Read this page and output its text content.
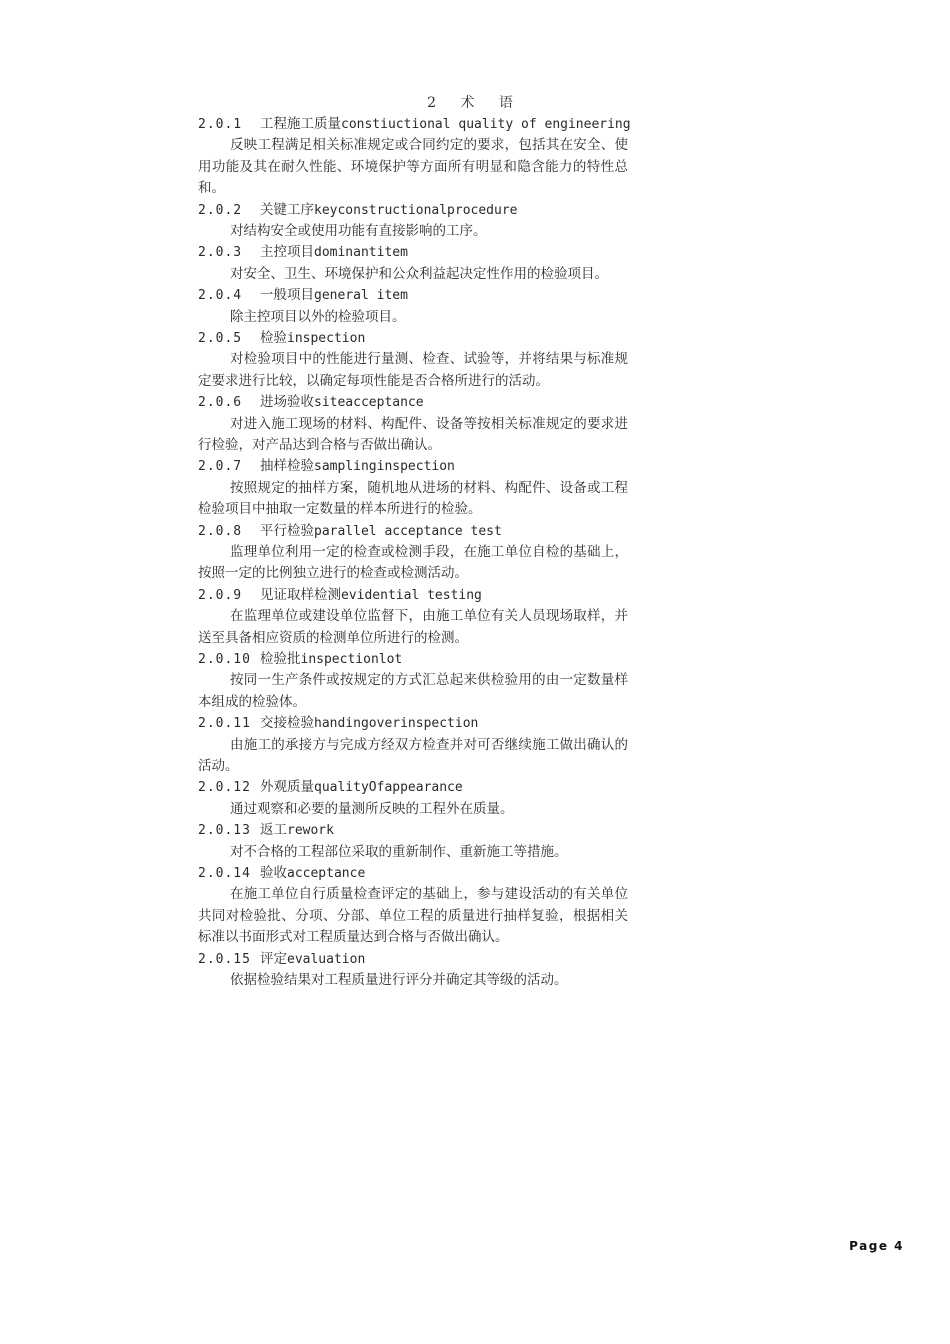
2 术 语
2.0.1	工程施工质量constiuctional quality of engineering

反映工程满足相关标准规定或合同约定的要求，包括其在安全、使用功能及其在耐久性能、环境保护等方面所有明显和隐含能力的特性总和。

2.0.2	关键工序keyconstructionalprocedure

对结构安全或使用功能有直接影响的工序。

2.0.3	主控项目dominantitem

对安全、卫生、环境保护和公众利益起决定性作用的检验项目。

2.0.4	一般项目general item

除主控项目以外的检验项目。

2.0.5	检验inspection

对检验项目中的性能进行量测、检查、试验等，并将结果与标准规定要求进行比较，以确定每项性能是否合格所进行的活动。

2.0.6	进场验收siteacceptance

对进入施工现场的材料、构配件、设备等按相关标准规定的要求进行检验，对产品达到合格与否做出确认。

2.0.7	抽样检验samplinginspection

按照规定的抽样方案，随机地从进场的材料、构配件、设备或工程检验项目中抽取一定数量的样本所进行的检验。

2.0.8	平行检验parallel acceptance test

监理单位利用一定的检查或检测手段，在施工单位自检的基础上，按照一定的比例独立进行的检查或检测活动。

2.0.9	见证取样检测evidential testing

在监理单位或建设单位监督下，由施工单位有关人员现场取样，并送至具备相应资质的检测单位所进行的检测。

2.0.10 检验批inspectionlot

按同一生产条件或按规定的方式汇总起来供检验用的由一定数量样本组成的检验体。

2.0.11 交接检验handingoverinspection

由施工的承接方与完成方经双方检查并对可否继续施工做出确认的活动。

2.0.12 外观质量qualityOfappearance

通过观察和必要的量测所反映的工程外在质量。

2.0.13 返工rework

对不合格的工程部位采取的重新制作、重新施工等措施。

2.0.14 验收acceptance

在施工单位自行质量检查评定的基础上，参与建设活动的有关单位共同对检验批、分项、分部、单位工程的质量进行抽样复验，根据相关标准以书面形式对工程质量达到合格与否做出确认。

2.0.15 评定evaluation

依据检验结果对工程质量进行评分并确定其等级的活动。

Page 4
